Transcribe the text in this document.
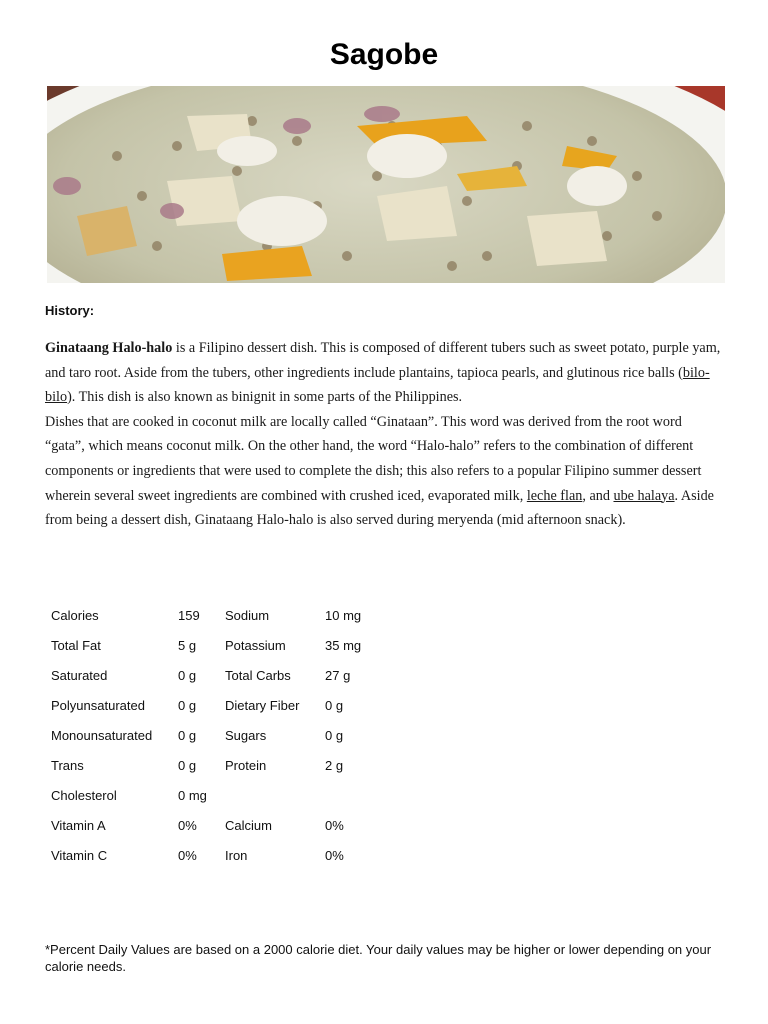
Sagobe
History:

Ginataang Halo-halo is a Filipino dessert dish. This is composed of different tubers such as sweet potato, purple yam, and taro root. Aside from the tubers, other ingredients include plantains, tapioca pearls, and glutinous rice balls (bilo-bilo). This dish is also known as binignit in some parts of the Philippines.

Dishes that are cooked in coconut milk are locally called “Ginataan”. This word was derived from the root word “gata”, which means coconut milk. On the other hand, the word “Halo-halo” refers to the combination of different components or ingredients that were used to complete the dish; this also refers to a popular Filipino summer dessert wherein several sweet ingredients are combined with crushed iced, evaporated milk, leche flan, and ube halaya. Aside from being a dessert dish, Ginataang Halo-halo is also served during meryenda (mid afternoon snack).

Calories	159	Sodium	10 mg
Total Fat	5 g	Potassium	35 mg
Saturated	0 g	Total Carbs	27 g
Polyunsaturated	0 g	Dietary Fiber	0 g
Monounsaturated	0 g	Sugars	0 g
Trans	0 g	Protein	2 g
Cholesterol	0 mg		
Vitamin A	0%	Calcium	0%
Vitamin C	0%	Iron	0%
*Percent Daily Values are based on a 2000 calorie diet. Your daily values may be higher or lower depending on your calorie needs.
